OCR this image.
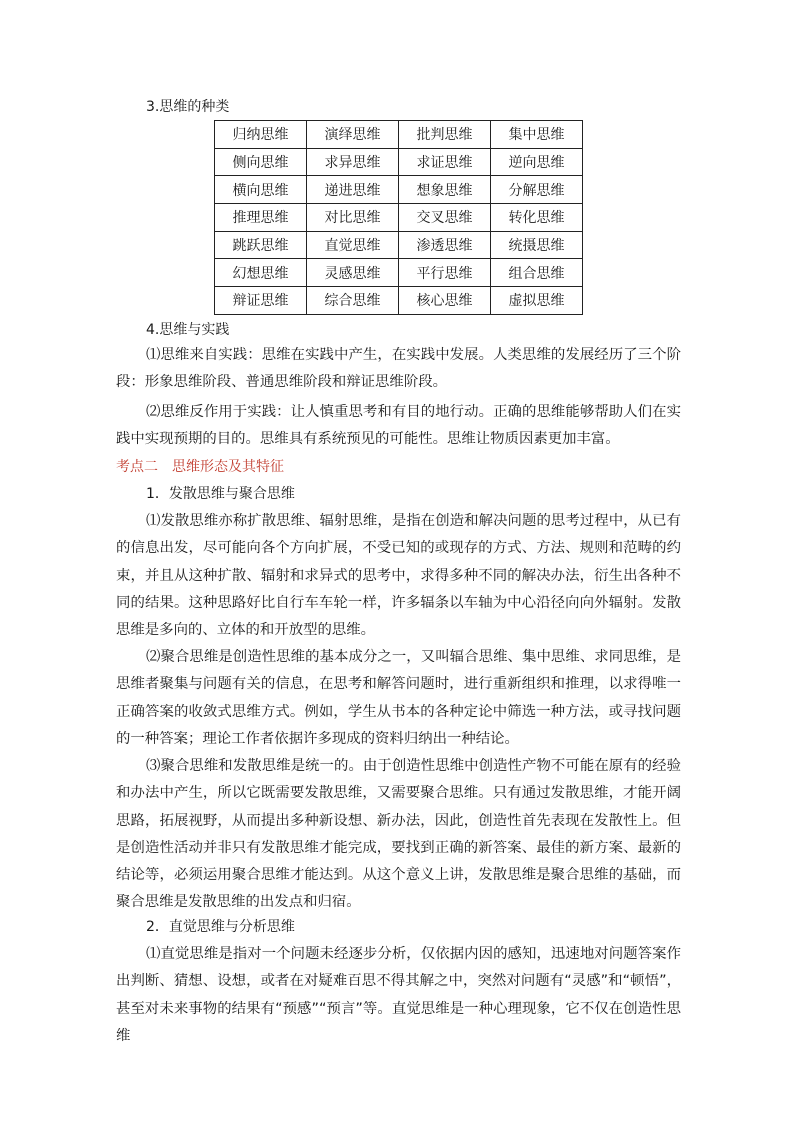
3.思维的种类
归纳思维	演绎思维	批判思维	集中思维
侧向思维	求异思维	求证思维	逆向思维
横向思维	递进思维	想象思维	分解思维
推理思维	对比思维	交叉思维	转化思维
跳跃思维	直觉思维	渗透思维	统摄思维
幻想思维	灵感思维	平行思维	组合思维
辩证思维	综合思维	核心思维	虚拟思维
4.思维与实践
⑴思维来自实践：思维在实践中产生，在实践中发展。人类思维的发展经历了三个阶段：形象思维阶段、普通思维阶段和辩证思维阶段。
⑵思维反作用于实践：让人慎重思考和有目的地行动。正确的思维能够帮助人们在实践中实现预期的目的。思维具有系统预见的可能性。思维让物质因素更加丰富。
考点二 思维形态及其特征
1．发散思维与聚合思维
⑴发散思维亦称扩散思维、辐射思维，是指在创造和解决问题的思考过程中，从已有的信息出发，尽可能向各个方向扩展，不受已知的或现存的方式、方法、规则和范畴的约束，并且从这种扩散、辐射和求异式的思考中，求得多种不同的解决办法，衍生出各种不同的结果。这种思路好比自行车车轮一样，许多辐条以车轴为中心沿径向向外辐射。发散思维是多向的、立体的和开放型的思维。
⑵聚合思维是创造性思维的基本成分之一，又叫辐合思维、集中思维、求同思维，是思维者聚集与问题有关的信息，在思考和解答问题时，进行重新组织和推理，以求得唯一正确答案的收敛式思维方式。例如，学生从书本的各种定论中筛选一种方法，或寻找问题的一种答案；理论工作者依据许多现成的资料归纳出一种结论。
⑶聚合思维和发散思维是统一的。由于创造性思维中创造性产物不可能在原有的经验和办法中产生，所以它既需要发散思维，又需要聚合思维。只有通过发散思维，才能开阔思路，拓展视野，从而提出多种新设想、新办法，因此，创造性首先表现在发散性上。但是创造性活动并非只有发散思维才能完成，要找到正确的新答案、最佳的新方案、最新的结论等，必须运用聚合思维才能达到。从这个意义上讲，发散思维是聚合思维的基础，而聚合思维是发散思维的出发点和归宿。
2．直觉思维与分析思维
⑴直觉思维是指对一个问题未经逐步分析，仅依据内因的感知，迅速地对问题答案作出判断、猜想、设想，或者在对疑难百思不得其解之中，突然对问题有“灵感”和“顿悟”，甚至对未来事物的结果有“预感”“预言”等。直觉思维是一种心理现象，它不仅在创造性思维
